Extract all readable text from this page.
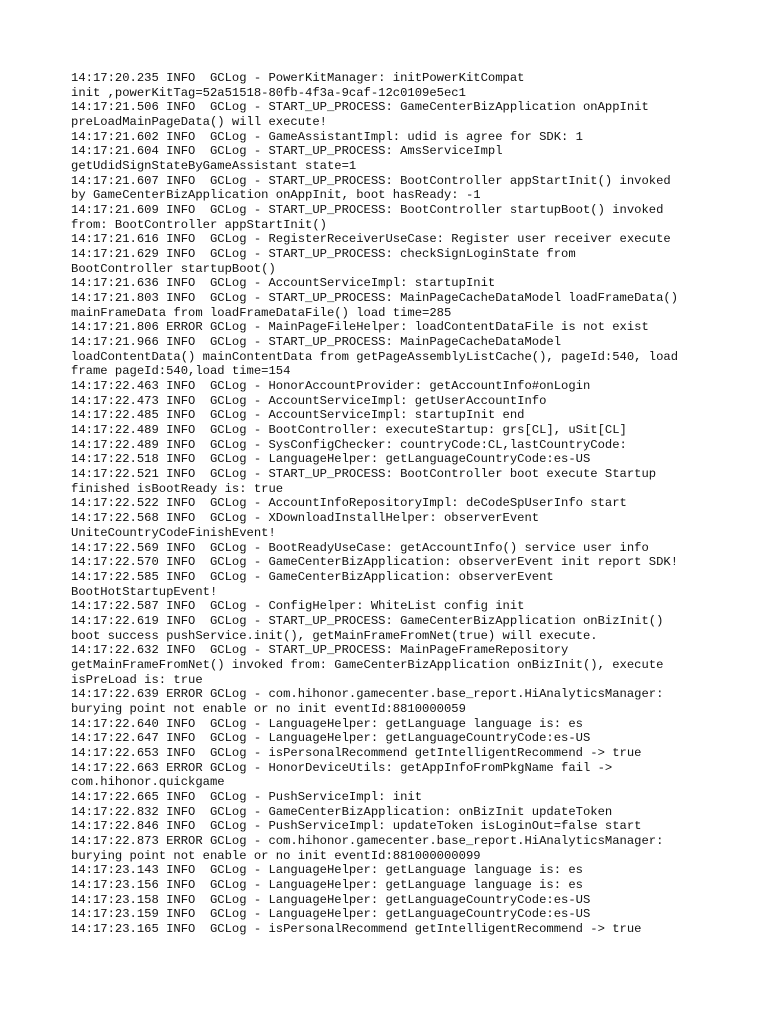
14:17:20.235 INFO  GCLog - PowerKitManager: initPowerKitCompat
init ,powerKitTag=52a51518-80fb-4f3a-9caf-12c0109e5ec1
14:17:21.506 INFO  GCLog - START_UP_PROCESS: GameCenterBizApplication onAppInit
preLoadMainPageData() will execute!
14:17:21.602 INFO  GCLog - GameAssistantImpl: udid is agree for SDK: 1
14:17:21.604 INFO  GCLog - START_UP_PROCESS: AmsServiceImpl
getUdidSignStateByGameAssistant state=1
14:17:21.607 INFO  GCLog - START_UP_PROCESS: BootController appStartInit() invoked
by GameCenterBizApplication onAppInit, boot hasReady: -1
14:17:21.609 INFO  GCLog - START_UP_PROCESS: BootController startupBoot() invoked
from: BootController appStartInit()
14:17:21.616 INFO  GCLog - RegisterReceiverUseCase: Register user receiver execute
14:17:21.629 INFO  GCLog - START_UP_PROCESS: checkSignLoginState from
BootController startupBoot()
14:17:21.636 INFO  GCLog - AccountServiceImpl: startupInit
14:17:21.803 INFO  GCLog - START_UP_PROCESS: MainPageCacheDataModel loadFrameData()
mainFrameData from loadFrameDataFile() load time=285
14:17:21.806 ERROR GCLog - MainPageFileHelper: loadContentDataFile is not exist
14:17:21.966 INFO  GCLog - START_UP_PROCESS: MainPageCacheDataModel
loadContentData() mainContentData from getPageAssemblyListCache(), pageId:540, load
frame pageId:540,load time=154
14:17:22.463 INFO  GCLog - HonorAccountProvider: getAccountInfo#onLogin
14:17:22.473 INFO  GCLog - AccountServiceImpl: getUserAccountInfo
14:17:22.485 INFO  GCLog - AccountServiceImpl: startupInit end
14:17:22.489 INFO  GCLog - BootController: executeStartup: grs[CL], uSit[CL]
14:17:22.489 INFO  GCLog - SysConfigChecker: countryCode:CL,lastCountryCode:
14:17:22.518 INFO  GCLog - LanguageHelper: getLanguageCountryCode:es-US
14:17:22.521 INFO  GCLog - START_UP_PROCESS: BootController boot execute Startup
finished isBootReady is: true
14:17:22.522 INFO  GCLog - AccountInfoRepositoryImpl: deCodeSpUserInfo start
14:17:22.568 INFO  GCLog - XDownloadInstallHelper: observerEvent
UniteCountryCodeFinishEvent!
14:17:22.569 INFO  GCLog - BootReadyUseCase: getAccountInfo() service user info
14:17:22.570 INFO  GCLog - GameCenterBizApplication: observerEvent init report SDK!
14:17:22.585 INFO  GCLog - GameCenterBizApplication: observerEvent
BootHotStartupEvent!
14:17:22.587 INFO  GCLog - ConfigHelper: WhiteList config init
14:17:22.619 INFO  GCLog - START_UP_PROCESS: GameCenterBizApplication onBizInit()
boot success pushService.init(), getMainFrameFromNet(true) will execute.
14:17:22.632 INFO  GCLog - START_UP_PROCESS: MainPageFrameRepository
getMainFrameFromNet() invoked from: GameCenterBizApplication onBizInit(), execute
isPreLoad is: true
14:17:22.639 ERROR GCLog - com.hihonor.gamecenter.base_report.HiAnalyticsManager:
burying point not enable or no init eventId:8810000059
14:17:22.640 INFO  GCLog - LanguageHelper: getLanguage language is: es
14:17:22.647 INFO  GCLog - LanguageHelper: getLanguageCountryCode:es-US
14:17:22.653 INFO  GCLog - isPersonalRecommend getIntelligentRecommend -> true
14:17:22.663 ERROR GCLog - HonorDeviceUtils: getAppInfoFromPkgName fail ->
com.hihonor.quickgame
14:17:22.665 INFO  GCLog - PushServiceImpl: init
14:17:22.832 INFO  GCLog - GameCenterBizApplication: onBizInit updateToken
14:17:22.846 INFO  GCLog - PushServiceImpl: updateToken isLoginOut=false start
14:17:22.873 ERROR GCLog - com.hihonor.gamecenter.base_report.HiAnalyticsManager:
burying point not enable or no init eventId:881000000099
14:17:23.143 INFO  GCLog - LanguageHelper: getLanguage language is: es
14:17:23.156 INFO  GCLog - LanguageHelper: getLanguage language is: es
14:17:23.158 INFO  GCLog - LanguageHelper: getLanguageCountryCode:es-US
14:17:23.159 INFO  GCLog - LanguageHelper: getLanguageCountryCode:es-US
14:17:23.165 INFO  GCLog - isPersonalRecommend getIntelligentRecommend -> true
